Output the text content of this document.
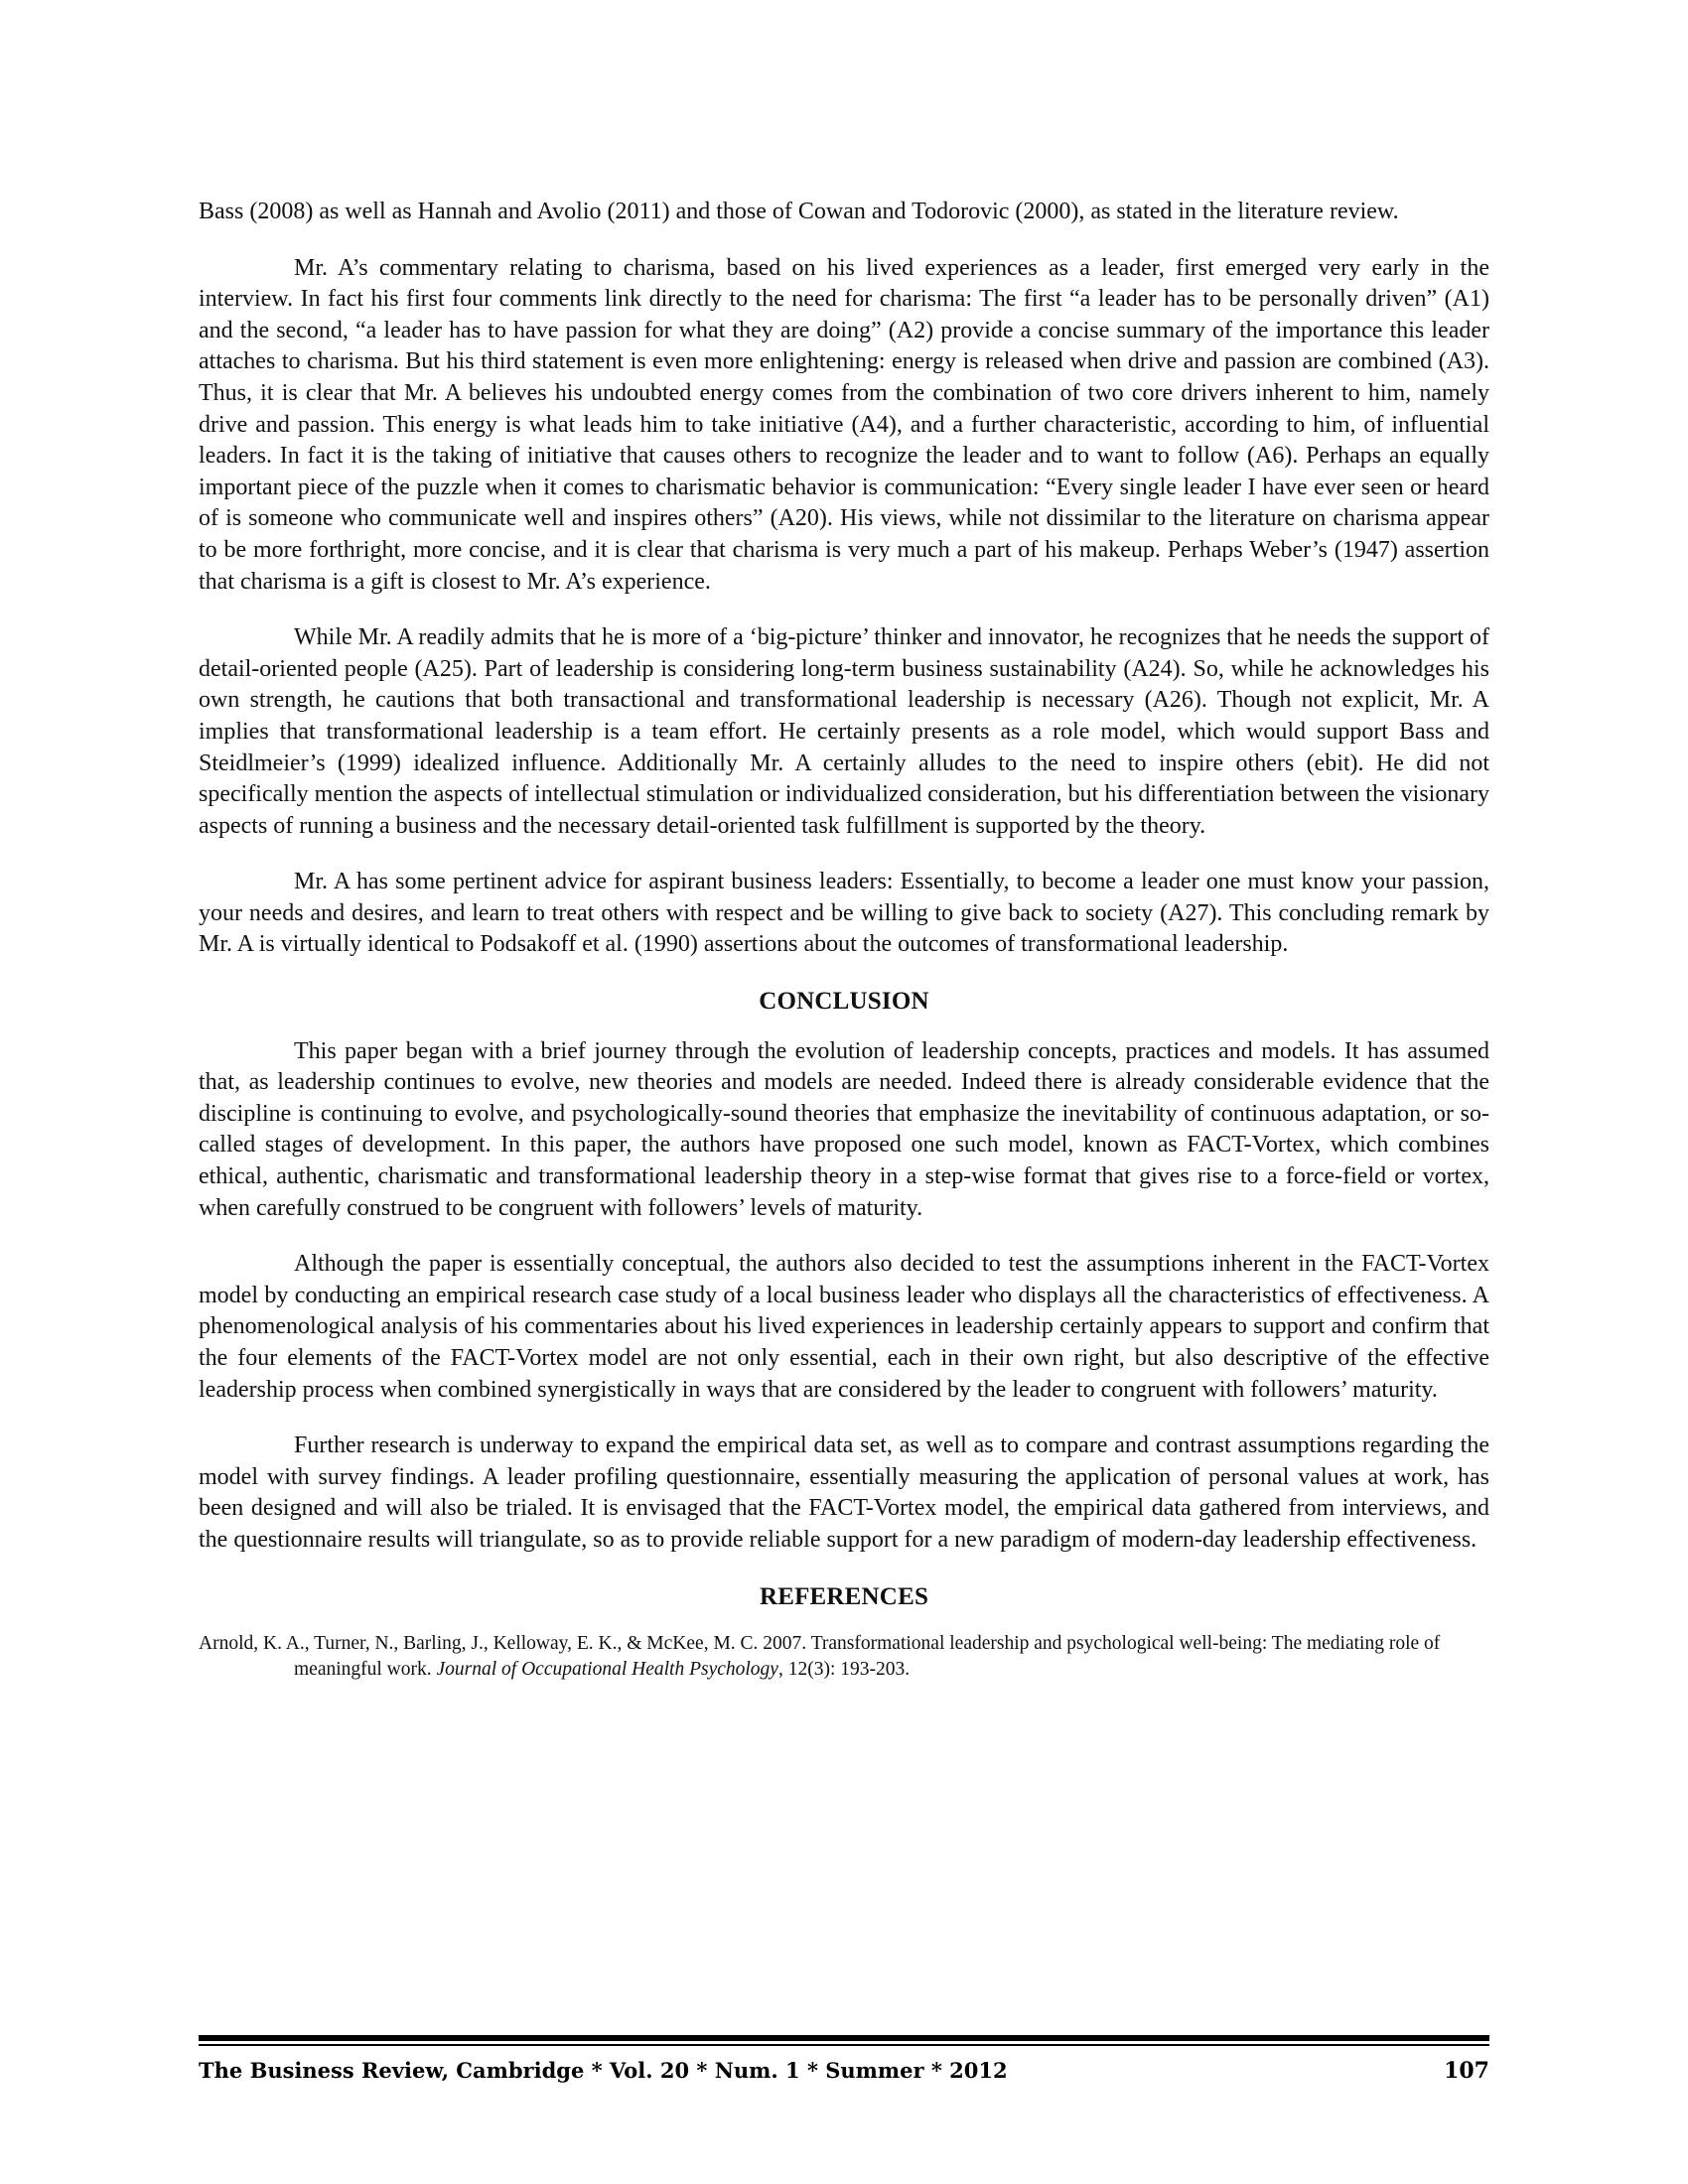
Bass (2008) as well as Hannah and Avolio (2011) and those of Cowan and Todorovic (2000), as stated in the literature review.

Mr. A’s commentary relating to charisma, based on his lived experiences as a leader, first emerged very early in the interview. In fact his first four comments link directly to the need for charisma: The first “a leader has to be personally driven” (A1) and the second, “a leader has to have passion for what they are doing” (A2) provide a concise summary of the importance this leader attaches to charisma. But his third statement is even more enlightening: energy is released when drive and passion are combined (A3). Thus, it is clear that Mr. A believes his undoubted energy comes from the combination of two core drivers inherent to him, namely drive and passion. This energy is what leads him to take initiative (A4), and a further characteristic, according to him, of influential leaders. In fact it is the taking of initiative that causes others to recognize the leader and to want to follow (A6). Perhaps an equally important piece of the puzzle when it comes to charismatic behavior is communication: “Every single leader I have ever seen or heard of is someone who communicate well and inspires others” (A20). His views, while not dissimilar to the literature on charisma appear to be more forthright, more concise, and it is clear that charisma is very much a part of his makeup. Perhaps Weber’s (1947) assertion that charisma is a gift is closest to Mr. A’s experience.

While Mr. A readily admits that he is more of a ‘big-picture’ thinker and innovator, he recognizes that he needs the support of detail-oriented people (A25). Part of leadership is considering long-term business sustainability (A24). So, while he acknowledges his own strength, he cautions that both transactional and transformational leadership is necessary (A26). Though not explicit, Mr. A implies that transformational leadership is a team effort. He certainly presents as a role model, which would support Bass and Steidlmeier’s (1999) idealized influence. Additionally Mr. A certainly alludes to the need to inspire others (ebit). He did not specifically mention the aspects of intellectual stimulation or individualized consideration, but his differentiation between the visionary aspects of running a business and the necessary detail-oriented task fulfillment is supported by the theory.

Mr. A has some pertinent advice for aspirant business leaders: Essentially, to become a leader one must know your passion, your needs and desires, and learn to treat others with respect and be willing to give back to society (A27). This concluding remark by Mr. A is virtually identical to Podsakoff et al. (1990) assertions about the outcomes of transformational leadership.

CONCLUSION

This paper began with a brief journey through the evolution of leadership concepts, practices and models. It has assumed that, as leadership continues to evolve, new theories and models are needed. Indeed there is already considerable evidence that the discipline is continuing to evolve, and psychologically-sound theories that emphasize the inevitability of continuous adaptation, or so-called stages of development. In this paper, the authors have proposed one such model, known as FACT-Vortex, which combines ethical, authentic, charismatic and transformational leadership theory in a step-wise format that gives rise to a force-field or vortex, when carefully construed to be congruent with followers’ levels of maturity.

Although the paper is essentially conceptual, the authors also decided to test the assumptions inherent in the FACT-Vortex model by conducting an empirical research case study of a local business leader who displays all the characteristics of effectiveness. A phenomenological analysis of his commentaries about his lived experiences in leadership certainly appears to support and confirm that the four elements of the FACT-Vortex model are not only essential, each in their own right, but also descriptive of the effective leadership process when combined synergistically in ways that are considered by the leader to congruent with followers’ maturity.

Further research is underway to expand the empirical data set, as well as to compare and contrast assumptions regarding the model with survey findings. A leader profiling questionnaire, essentially measuring the application of personal values at work, has been designed and will also be trialed. It is envisaged that the FACT-Vortex model, the empirical data gathered from interviews, and the questionnaire results will triangulate, so as to provide reliable support for a new paradigm of modern-day leadership effectiveness.

REFERENCES

Arnold, K. A., Turner, N., Barling, J., Kelloway, E. K., & McKee, M. C. 2007. Transformational leadership and psychological well-being: The mediating role of meaningful work. Journal of Occupational Health Psychology, 12(3): 193-203.

The Business Review, Cambridge * Vol. 20 * Num. 1 * Summer * 2012	107
